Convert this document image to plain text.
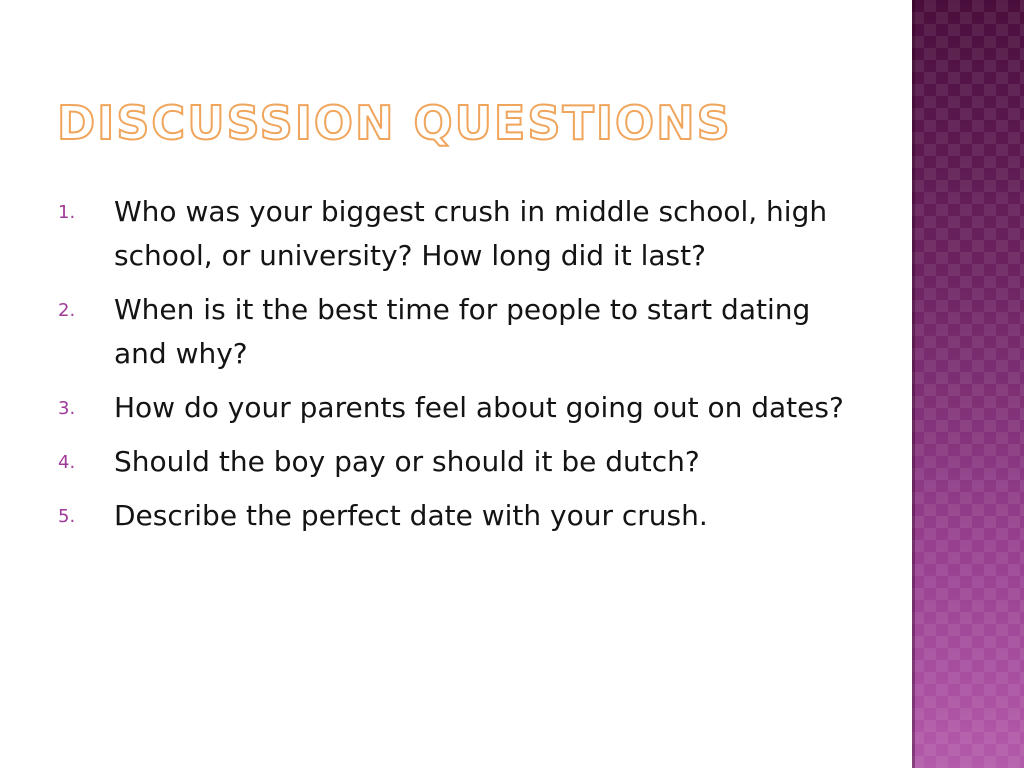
DISCUSSION QUESTIONS
1. Who was your biggest crush in middle school, high school, or university? How long did it last?
2. When is it the best time for people to start dating and why?
3. How do your parents feel about going out on dates?
4. Should the boy pay or should it be dutch?
5. Describe the perfect date with your crush.
